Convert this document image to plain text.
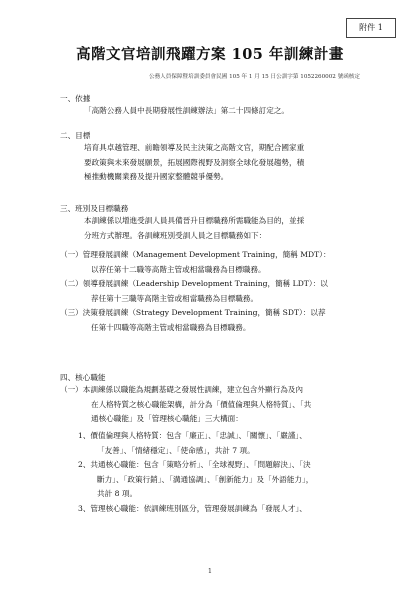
附件 1
高階文官培訓飛躍方案 105 年訓練計畫
公務人員保障暨培訓委員會民國 105 年 1 月 15 日公訓字第 1052260002 號函核定
一、依據
「高階公務人員中長期發展性訓練辦法」第二十四條訂定之。
二、目標
培育具卓越管理、前瞻領導及民主決策之高階文官，期配合國家重
要政策與未來發展願景，拓展國際視野及洞察全球化發展趨勢，積
極推動機關業務及提升國家整體競爭優勢。
三、班別及目標職務
本訓練係以增進受訓人員具備晉升目標職務所需職能為目的，並採
分班方式辦理。各訓練班別受訓人員之目標職務如下：
（一）管理發展訓練（Management Development Training，簡稱 MDT）：
以荐任第十二職等高階主管或相當職務為目標職務。
（二）領導發展訓練（Leadership Development Training，簡稱 LDT）：以
荐任第十三職等高階主管或相當職務為目標職務。
（三）決策發展訓練（Strategy Development Training，簡稱 SDT）：以荐
任第十四職等高階主管或相當職務為目標職務。
四、核心職能
（一）本訓練係以職能為規劃基礎之發展性訓練，建立包含外顯行為及內
在人格特質之核心職能架構，計分為「價值倫理與人格特質」、「共
通核心職能」及「管理核心職能」三大構面：
1、價值倫理與人格特質：包含「廉正」、「忠誠」、「關懷」、「嚴謹」、
「友善」、「情緒穩定」、「使命感」，共計 7 項。
2、共通核心職能：包含「策略分析」、「全球視野」、「問題解決」、「決
斷力」、「政策行銷」、「溝通協調」、「創新能力」及「外語能力」，
共計 8 項。
3、管理核心職能：依訓練班別區分，管理發展訓練為「發展人才」、
1
